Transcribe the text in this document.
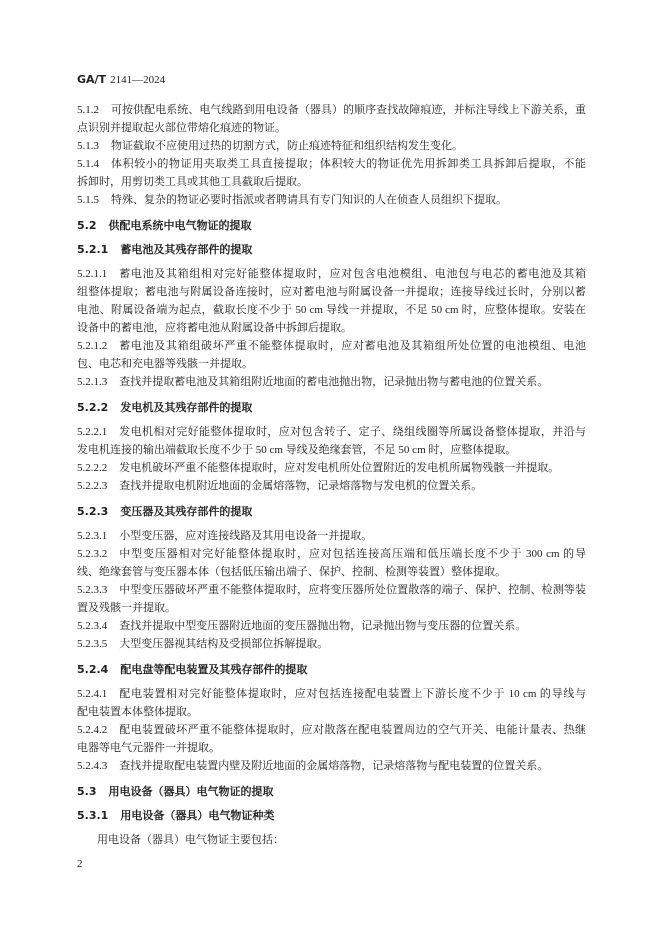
GA/T 2141—2024
5.1.2 可按供配电系统、电气线路到用电设备（器具）的顺序查找故障痕迹，并标注导线上下游关系，重
点识别并提取起火部位带熔化痕迹的物证。
5.1.3 物证截取不应使用过热的切割方式，防止痕迹特征和组织结构发生变化。
5.1.4 体积较小的物证用夹取类工具直接提取；体积较大的物证优先用拆卸类工具拆卸后提取，不能
拆卸时，用剪切类工具或其他工具截取后提取。
5.1.5 特殊、复杂的物证必要时指派或者聘请具有专门知识的人在侦查人员组织下提取。
5.2 供配电系统中电气物证的提取
5.2.1 蓄电池及其残存部件的提取
5.2.1.1 蓄电池及其箱组相对完好能整体提取时，应对包含电池模组、电池包与电芯的蓄电池及其箱
组整体提取；蓄电池与附属设备连接时，应对蓄电池与附属设备一并提取；连接导线过长时，分别以蓄
电池、附属设备端为起点，截取长度不少于 50 cm 导线一并提取，不足 50 cm 时，应整体提取。安装在
设备中的蓄电池，应将蓄电池从附属设备中拆卸后提取。
5.2.1.2 蓄电池及其箱组破坏严重不能整体提取时，应对蓄电池及其箱组所处位置的电池模组、电池
包、电芯和充电器等残骸一并提取。
5.2.1.3 查找并提取蓄电池及其箱组附近地面的蓄电池抛出物，记录抛出物与蓄电池的位置关系。
5.2.2 发电机及其残存部件的提取
5.2.2.1 发电机相对完好能整体提取时，应对包含转子、定子、绕组线圈等所属设备整体提取，并沿与
发电机连接的输出端截取长度不少于 50 cm 导线及绝缘套管，不足 50 cm 时，应整体提取。
5.2.2.2 发电机破坏严重不能整体提取时，应对发电机所处位置附近的发电机所属物残骸一并提取。
5.2.2.3 查找并提取电机附近地面的金属熔落物，记录熔落物与发电机的位置关系。
5.2.3 变压器及其残存部件的提取
5.2.3.1 小型变压器，应对连接线路及其用电设备一并提取。
5.2.3.2 中型变压器相对完好能整体提取时，应对包括连接高压端和低压端长度不少于 300 cm 的导
线、绝缘套管与变压器本体（包括低压输出端子、保护、控制、检测等装置）整体提取。
5.2.3.3 中型变压器破坏严重不能整体提取时，应将变压器所处位置散落的端子、保护、控制、检测等装
置及残骸一并提取。
5.2.3.4 查找并提取中型变压器附近地面的变压器抛出物，记录抛出物与变压器的位置关系。
5.2.3.5 大型变压器视其结构及受损部位拆解提取。
5.2.4 配电盘等配电装置及其残存部件的提取
5.2.4.1 配电装置相对完好能整体提取时，应对包括连接配电装置上下游长度不少于 10 cm 的导线与
配电装置本体整体提取。
5.2.4.2 配电装置破坏严重不能整体提取时，应对散落在配电装置周边的空气开关、电能计量表、热继
电器等电气元器件一并提取。
5.2.4.3 查找并提取配电装置内壁及附近地面的金属熔落物，记录熔落物与配电装置的位置关系。
5.3 用电设备（器具）电气物证的提取
5.3.1 用电设备（器具）电气物证种类
用电设备（器具）电气物证主要包括：
2
